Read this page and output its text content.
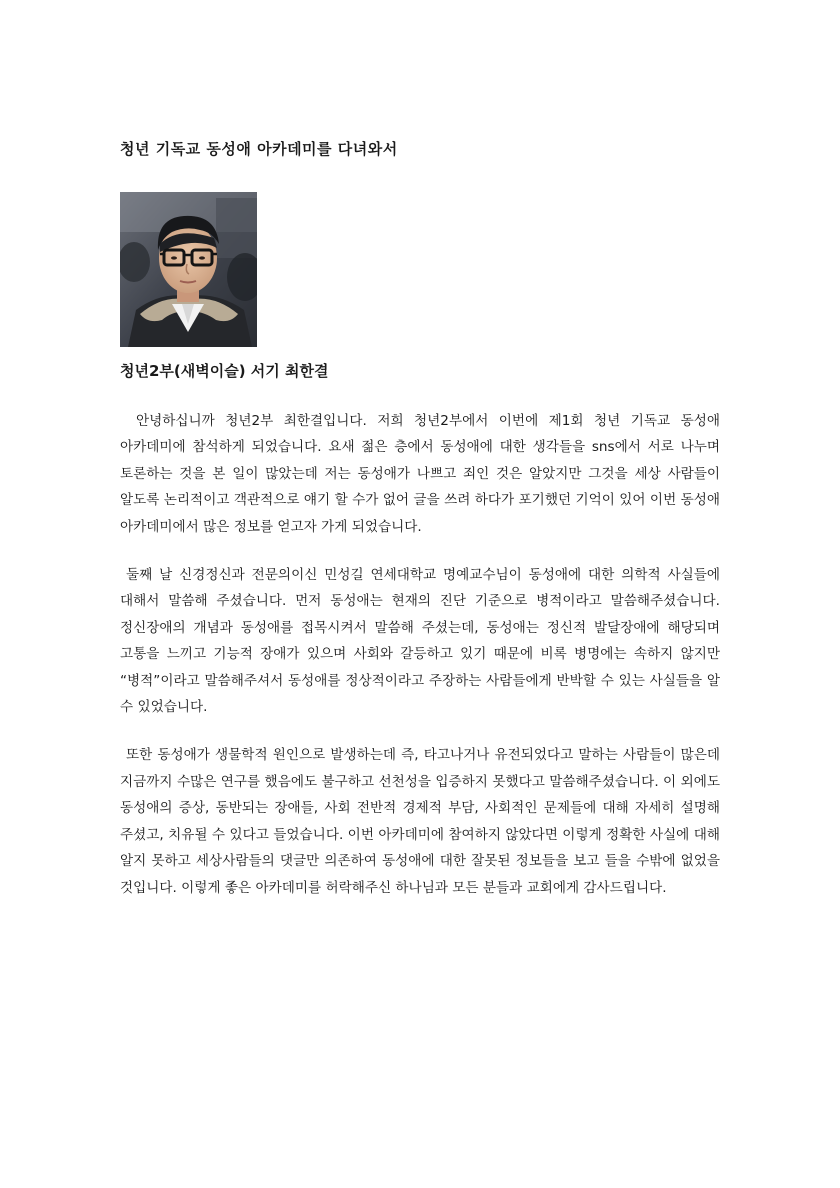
청년 기독교 동성애 아카데미를 다녀와서
청년2부(새벽이슬) 서기 최한결

안녕하십니까 청년2부 최한결입니다. 저희 청년2부에서 이번에 제1회 청년 기독교 동성애 아카데미에 참석하게 되었습니다. 요새 젊은 층에서 동성애에 대한 생각들을 sns에서 서로 나누며 토론하는 것을 본 일이 많았는데 저는 동성애가 나쁘고 죄인 것은 알았지만 그것을 세상 사람들이 알도록 논리적이고 객관적으로 얘기 할 수가 없어 글을 쓰려 하다가 포기했던 기억이 있어 이번 동성애 아카데미에서 많은 정보를 얻고자 가게 되었습니다.

둘째 날 신경정신과 전문의이신 민성길 연세대학교 명예교수님이 동성애에 대한 의학적 사실들에 대해서 말씀해 주셨습니다. 먼저 동성애는 현재의 진단 기준으로 병적이라고 말씀해주셨습니다. 정신장애의 개념과 동성애를 접목시켜서 말씀해 주셨는데, 동성애는 정신적 발달장애에 해당되며 고통을 느끼고 기능적 장애가 있으며 사회와 갈등하고 있기 때문에 비록 병명에는 속하지 않지만 “병적”이라고 말씀해주셔서 동성애를 정상적이라고 주장하는 사람들에게 반박할 수 있는 사실들을 알 수 있었습니다.

또한 동성애가 생물학적 원인으로 발생하는데 즉, 타고나거나 유전되었다고 말하는 사람들이 많은데 지금까지 수많은 연구를 했음에도 불구하고 선천성을 입증하지 못했다고 말씀해주셨습니다. 이 외에도 동성애의 증상, 동반되는 장애들, 사회 전반적 경제적 부담, 사회적인 문제들에 대해 자세히 설명해 주셨고, 치유될 수 있다고 들었습니다. 이번 아카데미에 참여하지 않았다면 이렇게 정확한 사실에 대해 알지 못하고 세상사람들의 댓글만 의존하여 동성애에 대한 잘못된 정보들을 보고 들을 수밖에 없었을 것입니다. 이렇게 좋은 아카데미를 허락해주신 하나님과 모든 분들과 교회에게 감사드립니다.
